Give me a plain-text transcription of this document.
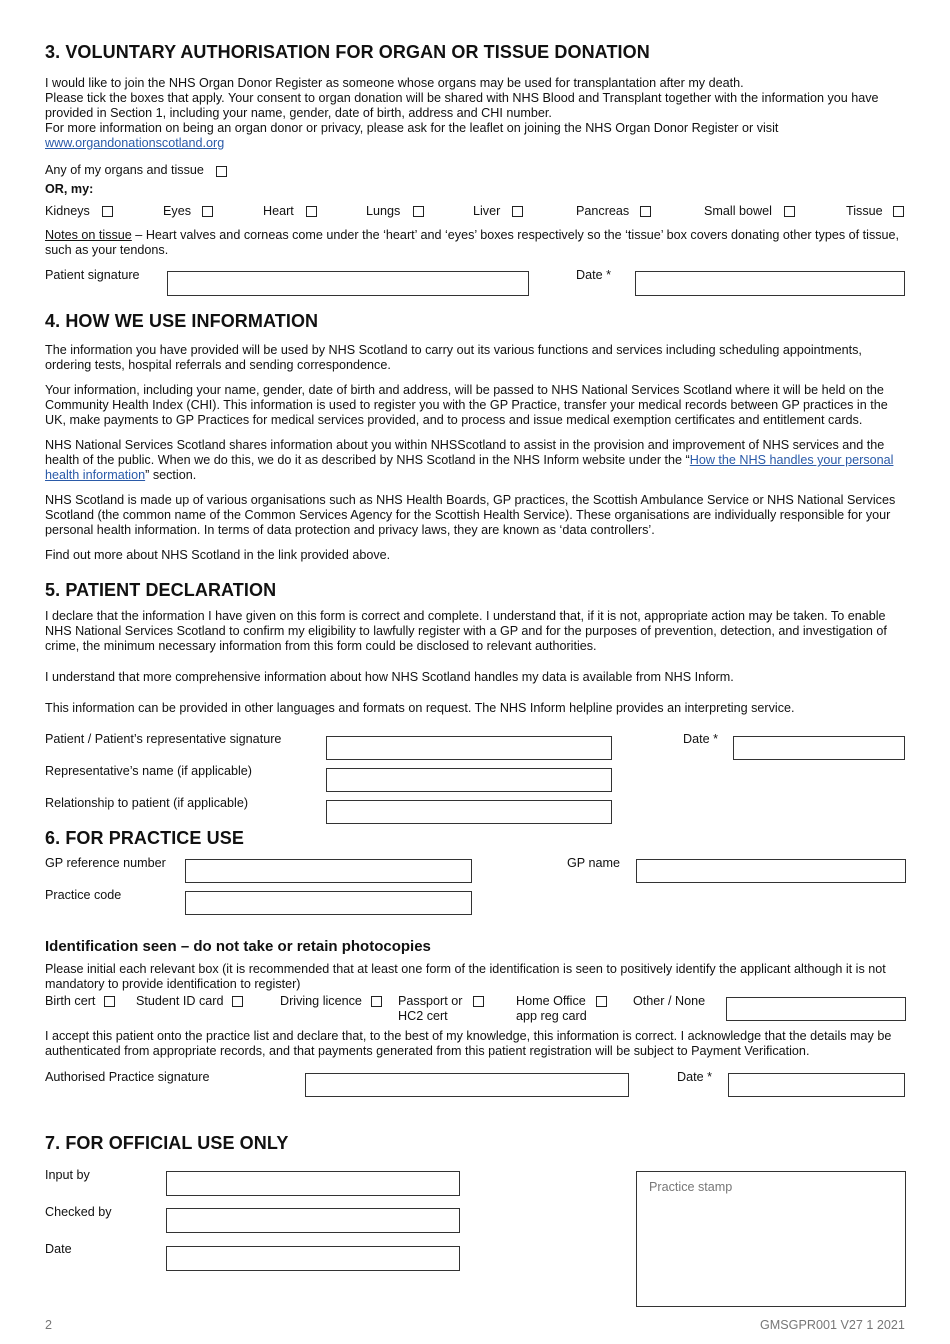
3. VOLUNTARY AUTHORISATION FOR ORGAN OR TISSUE DONATION
I would like to join the NHS Organ Donor Register as someone whose organs may be used for transplantation after my death.
Please tick the boxes that apply. Your consent to organ donation will be shared with NHS Blood and Transplant together with the information you have provided in Section 1, including your name, gender, date of birth, address and CHI number.
For more information on being an organ donor or privacy, please ask for the leaflet on joining the NHS Organ Donor Register or visit
www.organdonationscotland.org
Any of my organs and tissue
OR, my:
Kidneys	Eyes	Heart	Lungs	Liver	Pancreas	Small bowel	Tissue
Notes on tissue – Heart valves and corneas come under the ‘heart’ and ‘eyes’ boxes respectively so the ‘tissue’ box covers donating other types of tissue, such as your tendons.
Patient signature	Date *
4. HOW WE USE INFORMATION
The information you have provided will be used by NHS Scotland to carry out its various functions and services including scheduling appointments, ordering tests, hospital referrals and sending correspondence.
Your information, including your name, gender, date of birth and address, will be passed to NHS National Services Scotland where it will be held on the Community Health Index (CHI). This information is used to register you with the GP Practice, transfer your medical records between GP practices in the UK, make payments to GP Practices for medical services provided, and to process and issue medical exemption certificates and entitlement cards.
NHS National Services Scotland shares information about you within NHSScotland to assist in the provision and improvement of NHS services and the health of the public. When we do this, we do it as described by NHS Scotland in the NHS Inform website under the “How the NHS handles your personal health information” section.
NHS Scotland is made up of various organisations such as NHS Health Boards, GP practices, the Scottish Ambulance Service or NHS National Services Scotland (the common name of the Common Services Agency for the Scottish Health Service). These organisations are individually responsible for your personal health information. In terms of data protection and privacy laws, they are known as ‘data controllers’.
Find out more about NHS Scotland in the link provided above.
5. PATIENT DECLARATION
I declare that the information I have given on this form is correct and complete. I understand that, if it is not, appropriate action may be taken. To enable NHS National Services Scotland to confirm my eligibility to lawfully register with a GP and for the purposes of prevention, detection, and investigation of crime, the minimum necessary information from this form could be disclosed to relevant authorities.
I understand that more comprehensive information about how NHS Scotland handles my data is available from NHS Inform.
This information can be provided in other languages and formats on request. The NHS Inform helpline provides an interpreting service.
Patient / Patient’s representative signature	Date *
Representative’s name (if applicable)
Relationship to patient (if applicable)
6. FOR PRACTICE USE
GP reference number	GP name
Practice code
Identification seen – do not take or retain photocopies
Please initial each relevant box (it is recommended that at least one form of the identification is seen to positively identify the applicant although it is not mandatory to provide identification to register)
Birth cert	Student ID card	Driving licence	Passport or
HC2 cert
Home Office
app reg card
Other / None
I accept this patient onto the practice list and declare that, to the best of my knowledge, this information is correct. I acknowledge that the details may be authenticated from appropriate records, and that payments generated from this patient registration will be subject to Payment Verification.
Authorised Practice signature	Date *
7. FOR OFFICIAL USE ONLY
Input by
Checked by
Date
Practice stamp
2	GMSGPR001 V27 1 2021
